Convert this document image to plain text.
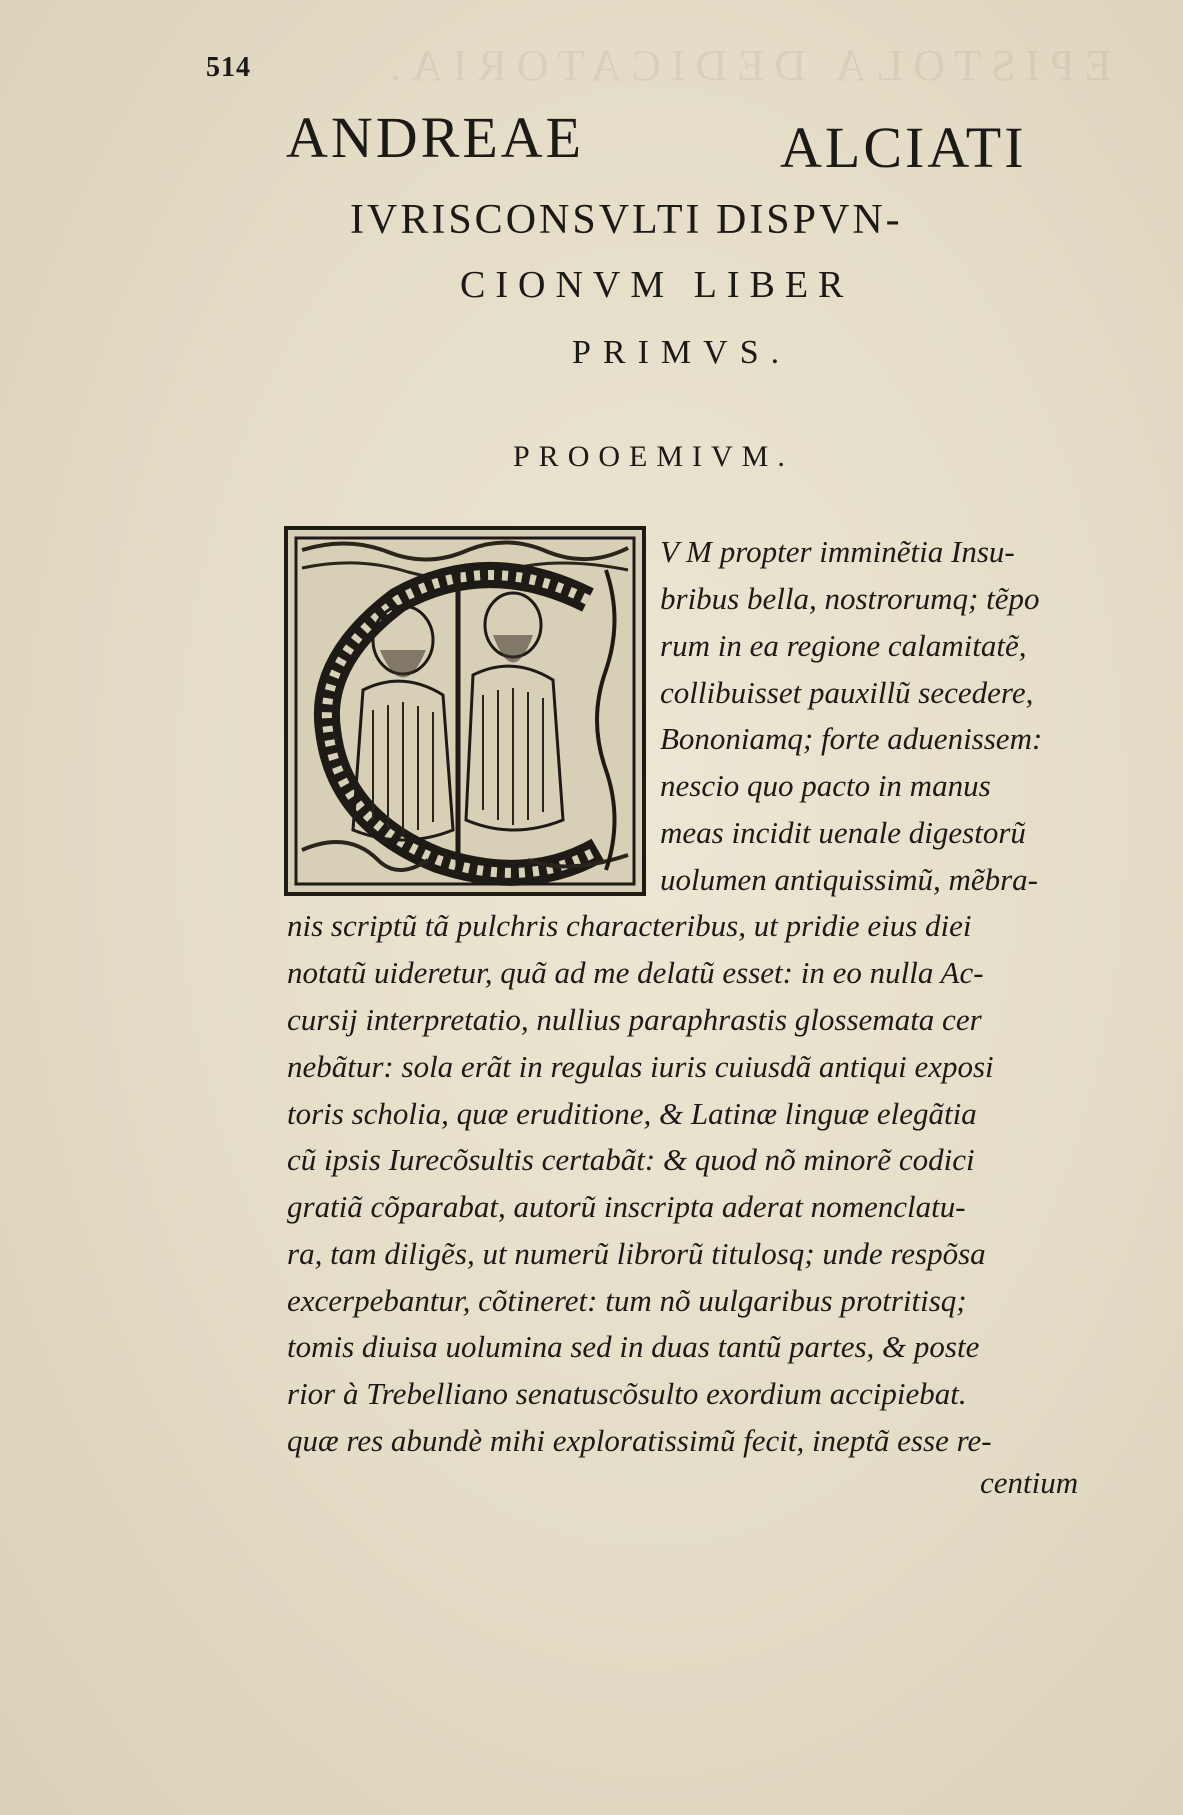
EPISTOLA DEDICATORIA.

514

ANDREAE	ALCIATI
IVRISCONSVLTI DISPVN-
CIONVM LIBER
PRIMVS.
PROOEMIVM.

V M propter imminẽtia Insu-

bribus bella, nostrorumq; tẽpo

rum in ea regione calamitatẽ,

collibuisset pauxillũ secedere,

Bononiamq; forte aduenissem:

nescio quo pacto in manus

meas incidit uenale digestorũ

uolumen antiquissimũ, mẽbra-

nis scriptũ tã pulchris characteribus, ut pridie eius diei

notatũ uideretur, quã ad me delatũ esset: in eo nulla Ac-

cursij interpretatio, nullius paraphrastis glossemata cer

nebãtur: sola erãt in regulas iuris cuiusdã antiqui exposi

toris scholia, quæ eruditione, & Latinæ linguæ elegãtia

cũ ipsis Iurecõsultis certabãt: & quod nõ minorẽ codici

gratiã cõparabat, autorũ inscripta aderat nomenclatu-

ra, tam diligẽs, ut numerũ librorũ titulosq; unde respõsa

excerpebantur, cõtineret: tum nõ uulgaribus protritisq;

tomis diuisa uolumina sed in duas tantũ partes, & poste

rior à Trebelliano senatuscõsulto exordium accipiebat.

quæ res abundè mihi exploratissimũ fecit, ineptã esse re-

centium
